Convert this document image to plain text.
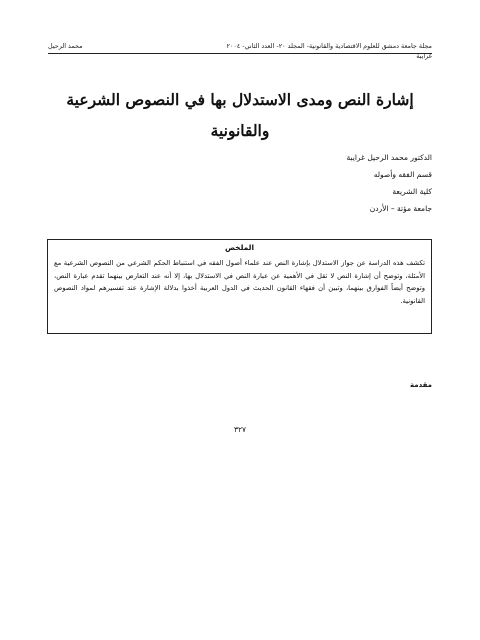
محمد الرحيل	مجلة جامعة دمشق للعلوم الاقتصادية والقانونية- المجلد ٢٠- العدد الثاني- ٢٠٠٤
غرايبة
إشارة النص ومدى الاستدلال بها في النصوص الشرعية والقانونية
الدكتور محمد الرحيل غرايبة
قسم الفقه وأصوله
كلية الشريعة
جامعة مؤتة – الأردن
الملخص
تكشف هذه الدراسة عن جواز الاستدلال بإشارة النص عند علماء أصول الفقه في استنباط الحكم الشرعي من النصوص الشرعية مع الأمثلة، وتوضح أن إشارة النص لا تقل في الأهمية عن عبارة النص في الاستدلال بها، إلا أنه عند التعارض بينهما تقدم عبارة النص، وتوضح أيضاً الفوارق بينهما، وتبين أن فقهاء القانون الحديث في الدول العربية أخذوا بدلالة الإشارة عند تفسيرهم لمواد النصوص القانونية.
مقدمة
٣٢٧
